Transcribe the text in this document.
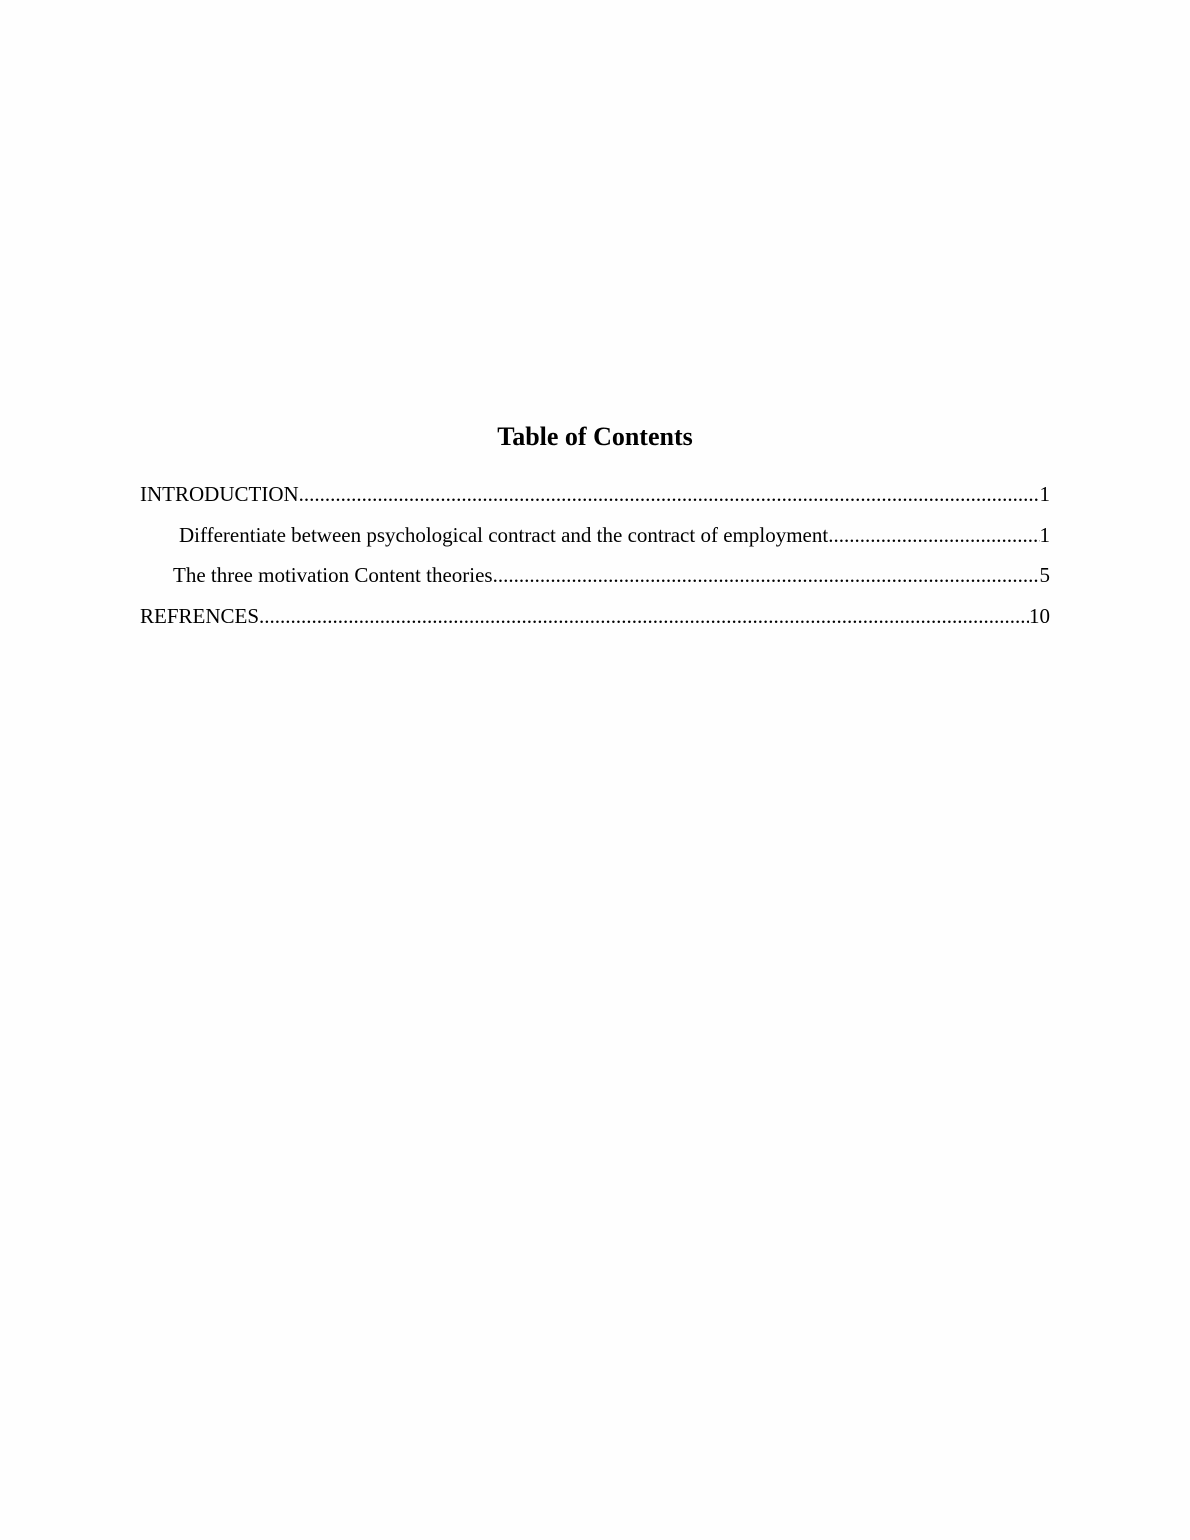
Table of Contents
INTRODUCTION .....	1
Differentiate between psychological contract and the contract of employment .....	1
The three motivation Content theories .....	5
REFRENCES .....	10
